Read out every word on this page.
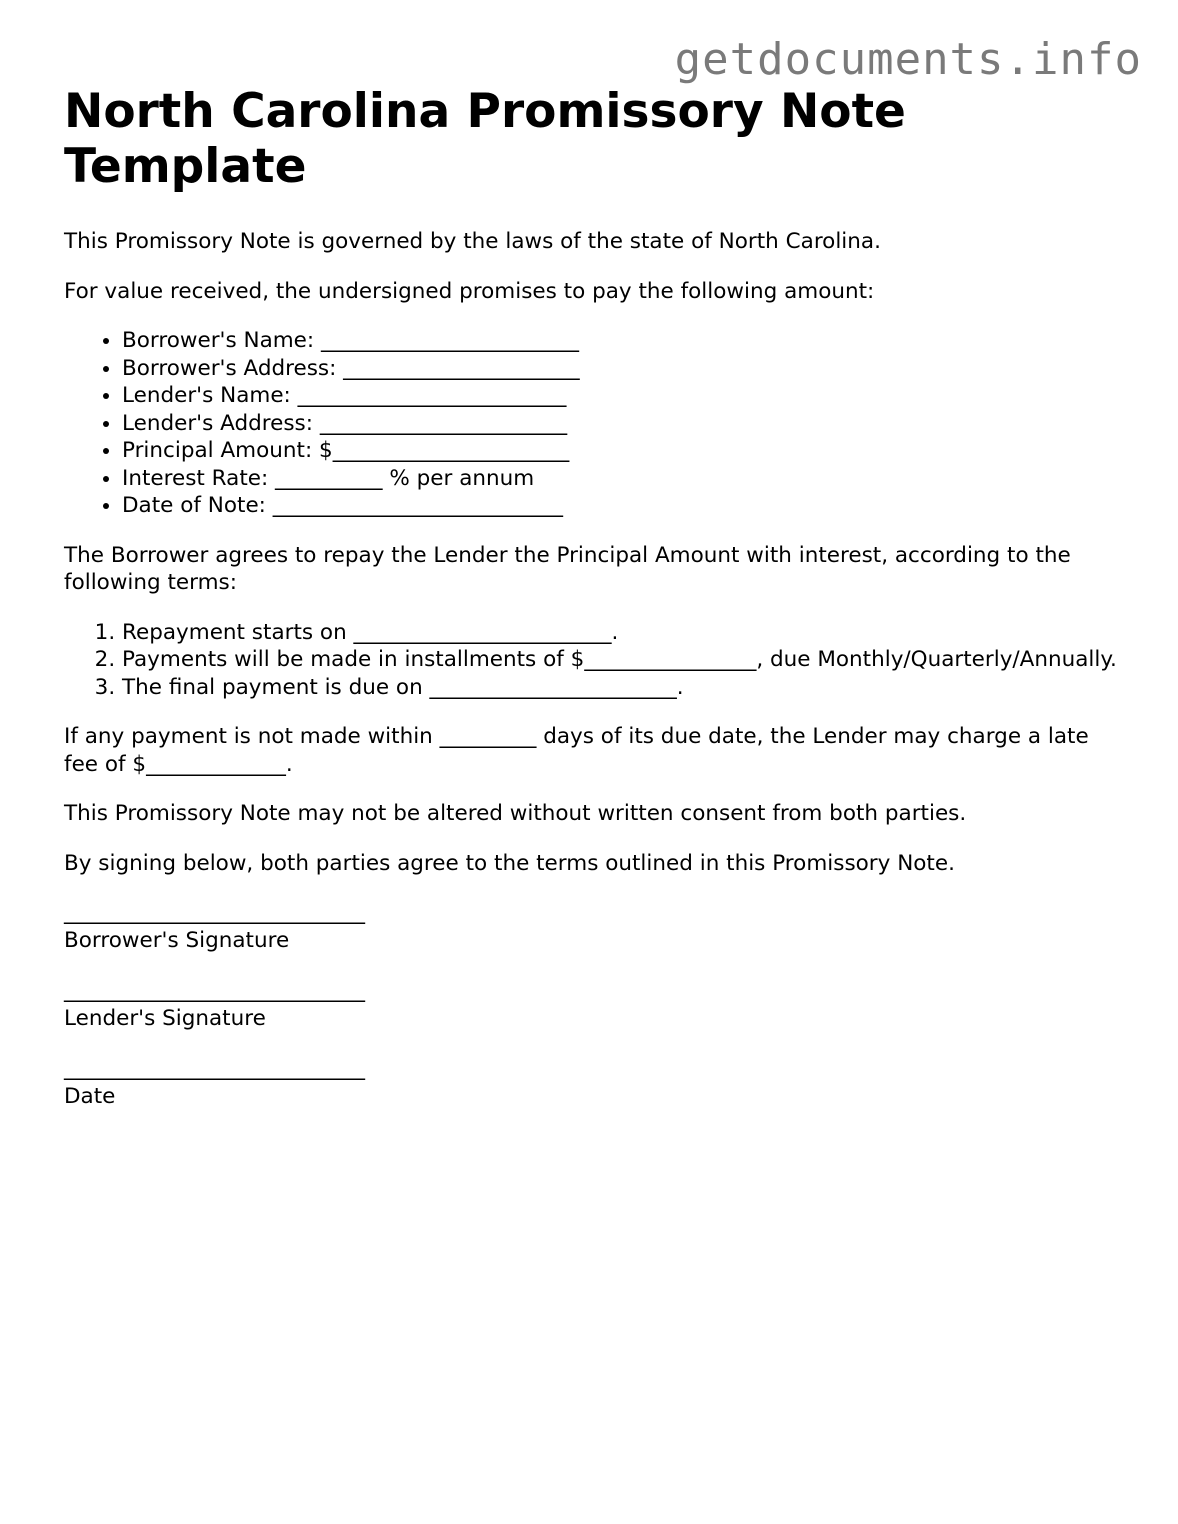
getdocuments.info
North Carolina Promissory Note Template

This Promissory Note is governed by the laws of the state of North Carolina.

For value received, the undersigned promises to pay the following amount:

• Borrower's Name: ________________________
• Borrower's Address: ______________________
• Lender's Name: _________________________
• Lender's Address: _______________________
• Principal Amount: $______________________
• Interest Rate: __________ % per annum
• Date of Note: ___________________________

The Borrower agrees to repay the Lender the Principal Amount with interest, according to the following terms:

1. Repayment starts on ________________________.
2. Payments will be made in installments of $________________, due Monthly/Quarterly/Annually.
3. The final payment is due on _______________________.

If any payment is not made within _________ days of its due date, the Lender may charge a late fee of $_____________.

This Promissory Note may not be altered without written consent from both parties.

By signing below, both parties agree to the terms outlined in this Promissory Note.

____________________________
Borrower's Signature
____________________________
Lender's Signature
____________________________
Date
